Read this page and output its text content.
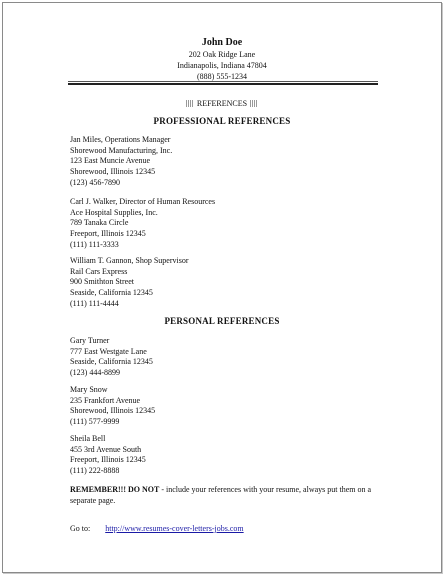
John Doe
202 Oak Ridge Lane
Indianapolis, Indiana 47804
(888) 555-1234
REFERENCES
PROFESSIONAL REFERENCES
Jan Miles, Operations Manager
Shorewood Manufacturing, Inc.
123 East Muncie Avenue
Shorewood, Illinois 12345
(123) 456-7890
Carl J. Walker, Director of Human Resources
Ace Hospital Supplies, Inc.
789 Tanaka Circle
Freeport, Illinois 12345
(111) 111-3333
William T. Gannon, Shop Supervisor
Rail Cars Express
900 Smithton Street
Seaside, California 12345
(111) 111-4444
PERSONAL REFERENCES
Gary Turner
777 East Westgate Lane
Seaside, California 12345
(123) 444-8899
Mary Snow
235 Frankfort Avenue
Shorewood, Illinois 12345
(111) 577-9999
Sheila Bell
455 3rd Avenue South
Freeport, Illinois 12345
(111) 222-8888
REMEMBER!!! DO NOT - include your references with your resume, always put them on a separate page.
Go to: http://www.resumes-cover-letters-jobs.com
